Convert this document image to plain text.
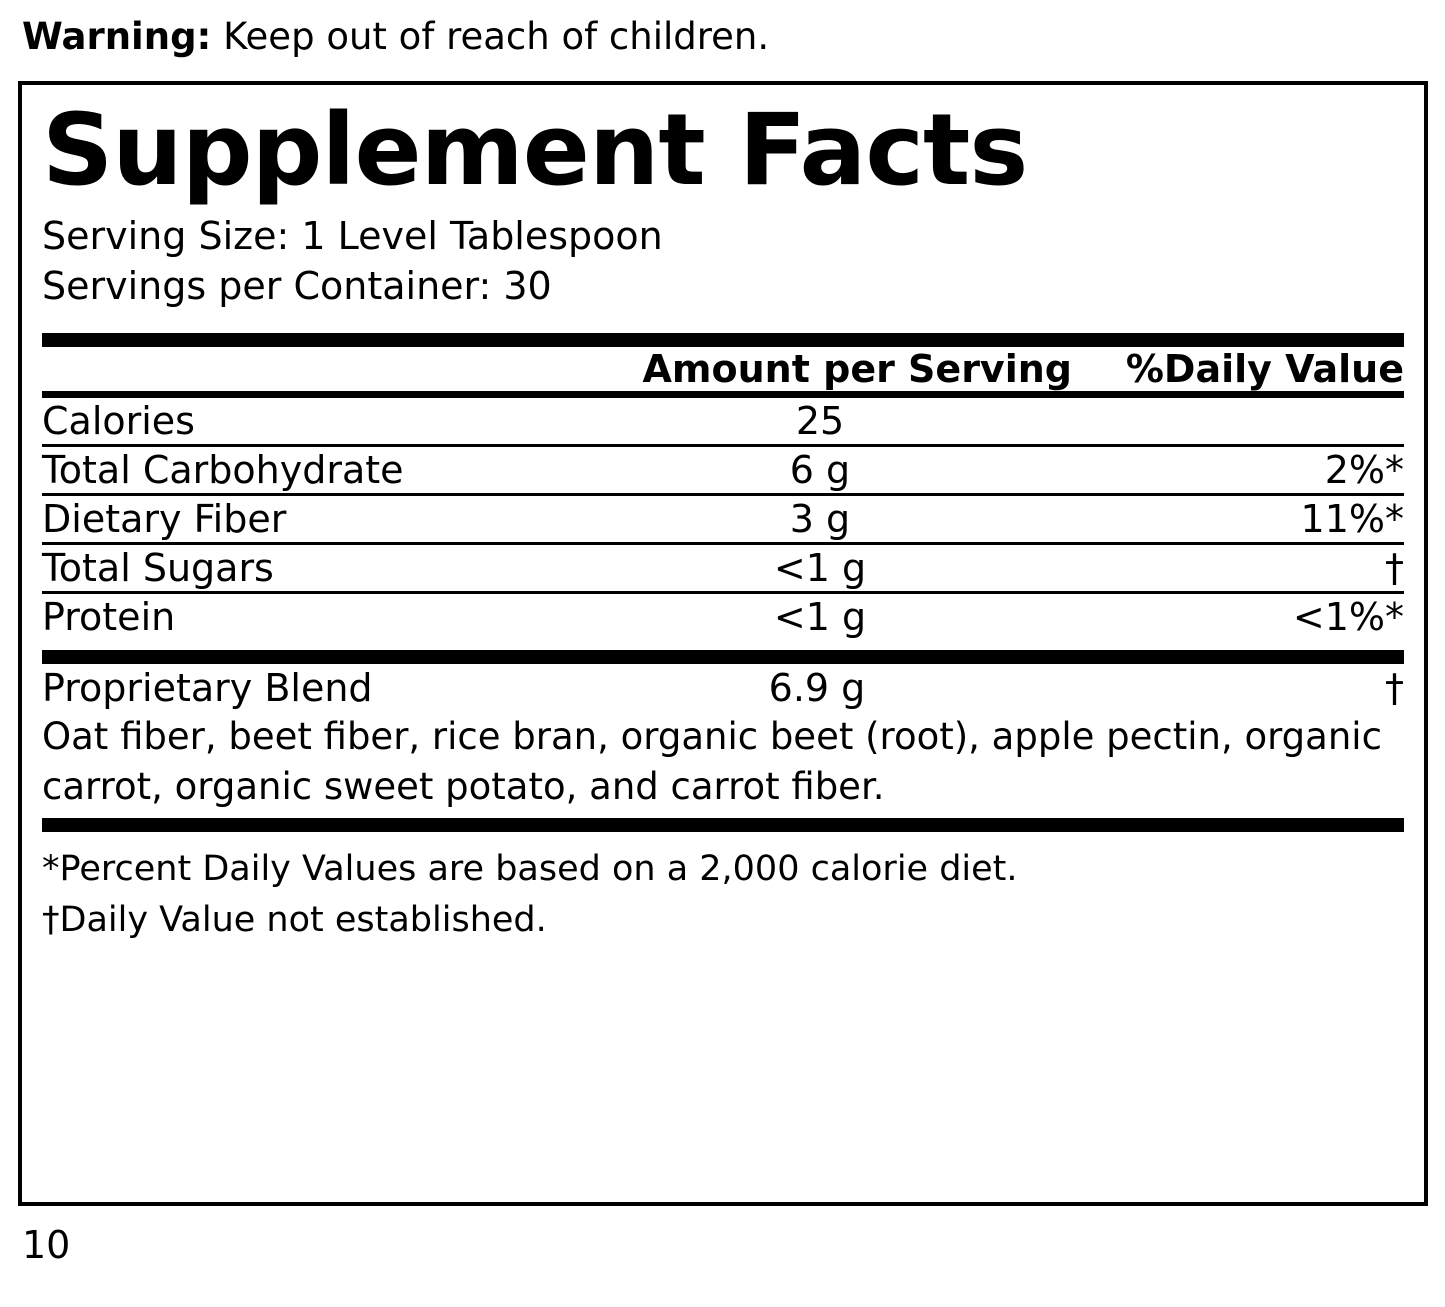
Warning: Keep out of reach of children.
Supplement Facts
Serving Size: 1 Level Tablespoon
Servings per Container: 30
	Amount per Serving	%Daily Value

Calories	25	

Total Carbohydrate	6 g	2%*

Dietary Fiber	3 g	11%*

Total Sugars	<1 g	†

Protein	<1 g	<1%*
Proprietary Blend	6.9 g	†
Oat fiber, beet fiber, rice bran, organic beet (root), apple pectin, organic carrot, organic sweet potato, and carrot fiber.
*Percent Daily Values are based on a 2,000 calorie diet.
†Daily Value not established.
10
